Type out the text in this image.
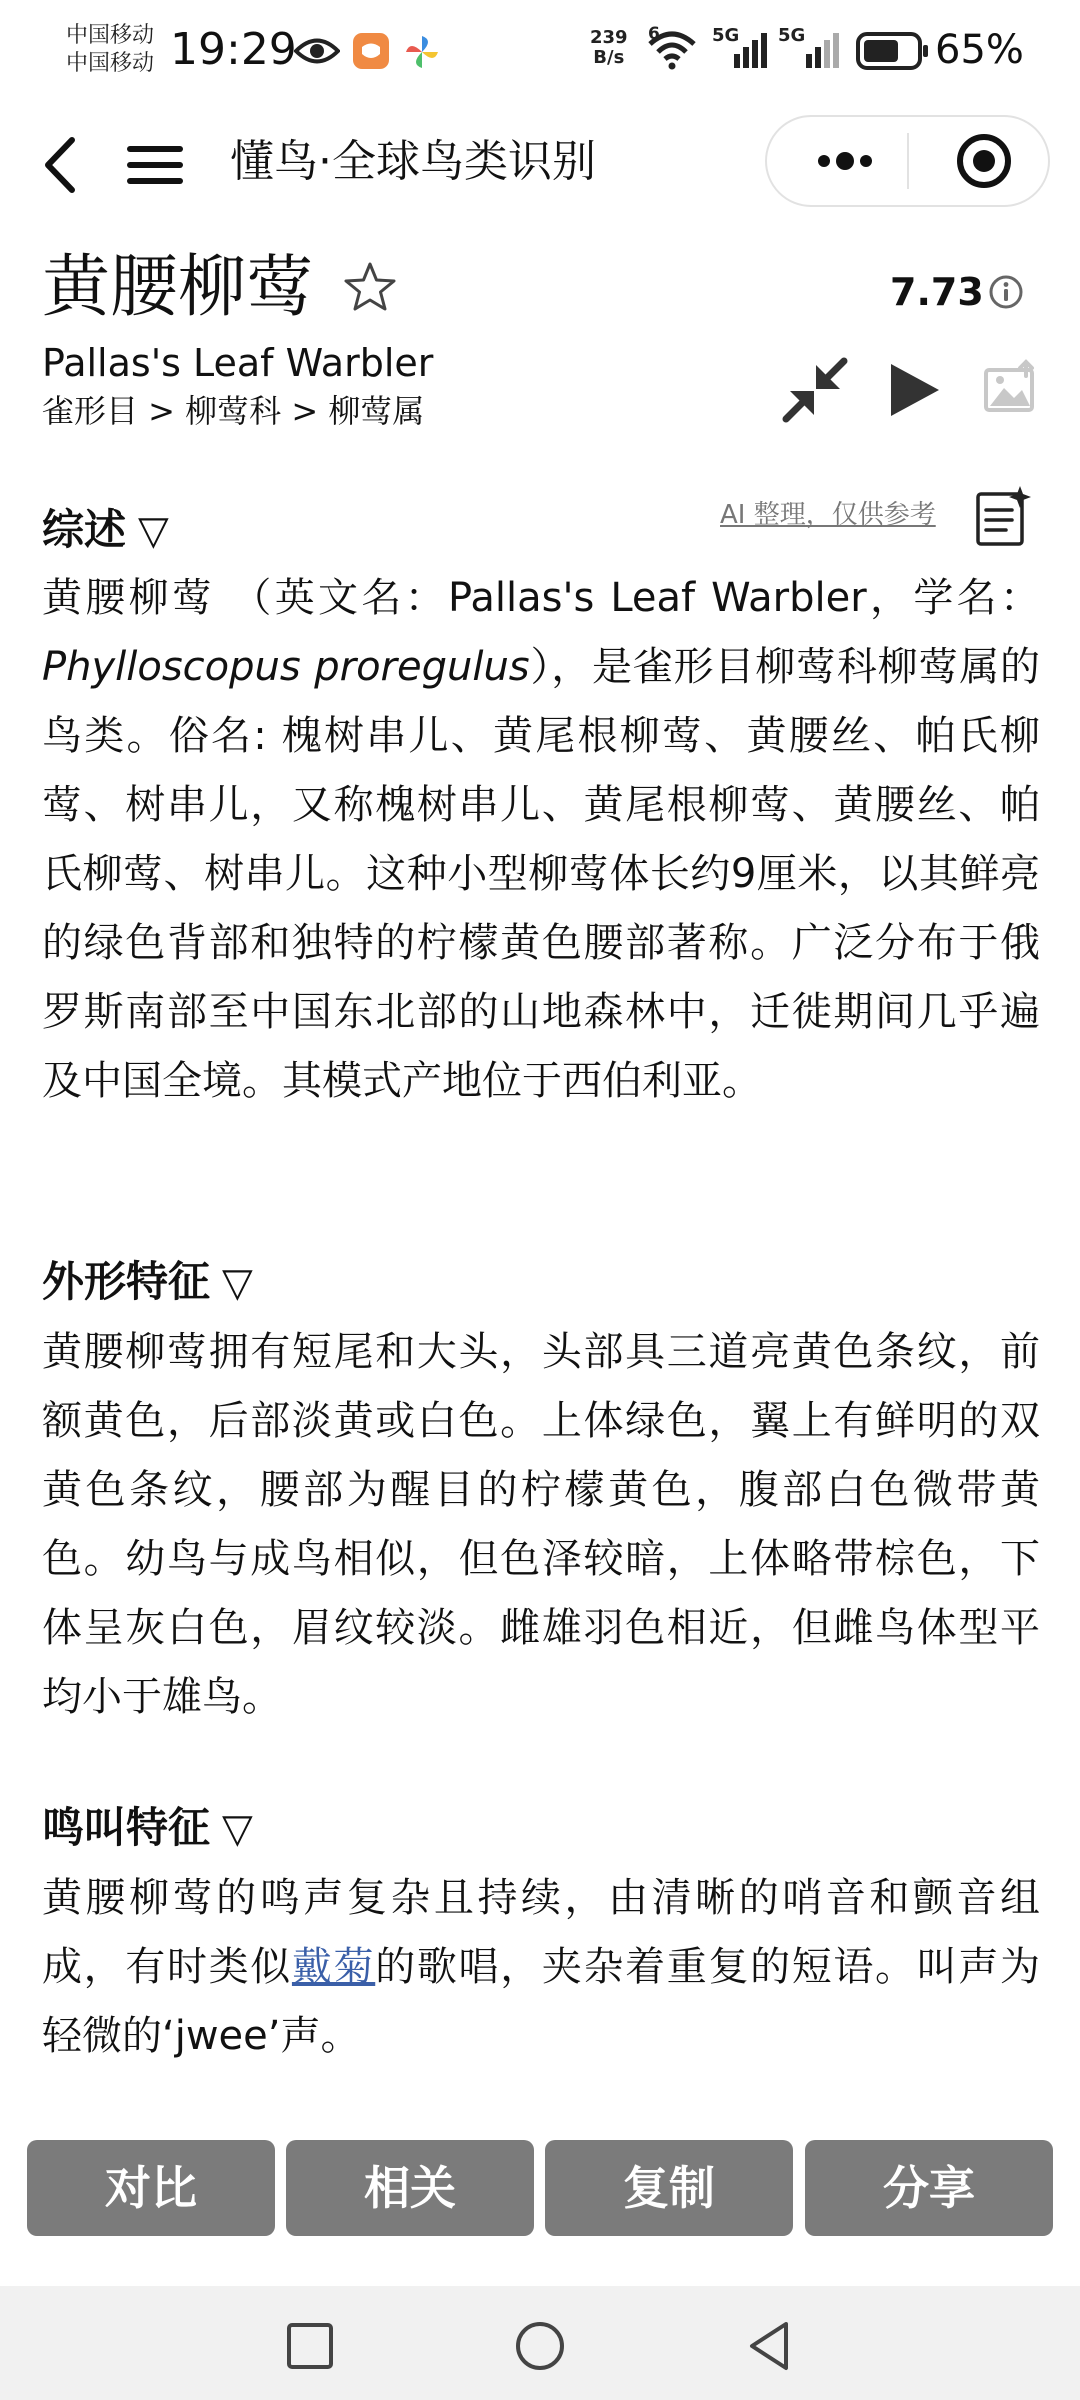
中国移动
中国移动 19:29	239
B/s
6	5G 5G	65%
懂鸟·全球鸟类识别
黄腰柳莺	7.73
Pallas's Leaf Warbler
雀形目 > 柳莺科 > 柳莺属
综述 ▽	AI 整理，仅供参考

黄腰柳莺 （英文名：Pallas's Leaf Warbler，学名：Phylloscopus proregulus），是雀形目柳莺科柳莺属的鸟类。俗名: 槐树串儿、黄尾根柳莺、黄腰丝、帕氏柳莺、树串儿，又称槐树串儿、黄尾根柳莺、黄腰丝、帕氏柳莺、树串儿。这种小型柳莺体长约9厘米，以其鲜亮的绿色背部和独特的柠檬黄色腰部著称。广泛分布于俄罗斯南部至中国东北部的山地森林中，迁徙期间几乎遍及中国全境。其模式产地位于西伯利亚。

外形特征 ▽

黄腰柳莺拥有短尾和大头，头部具三道亮黄色条纹，前额黄色，后部淡黄或白色。上体绿色，翼上有鲜明的双黄色条纹，腰部为醒目的柠檬黄色，腹部白色微带黄色。幼鸟与成鸟相似，但色泽较暗，上体略带棕色，下体呈灰白色，眉纹较淡。雌雄羽色相近，但雌鸟体型平均小于雄鸟。

鸣叫特征 ▽

黄腰柳莺的鸣声复杂且持续，由清晰的哨音和颤音组成，有时类似戴菊的歌唱，夹杂着重复的短语。叫声为轻微的‘jwee’声。

对比	相关	复制	分享
